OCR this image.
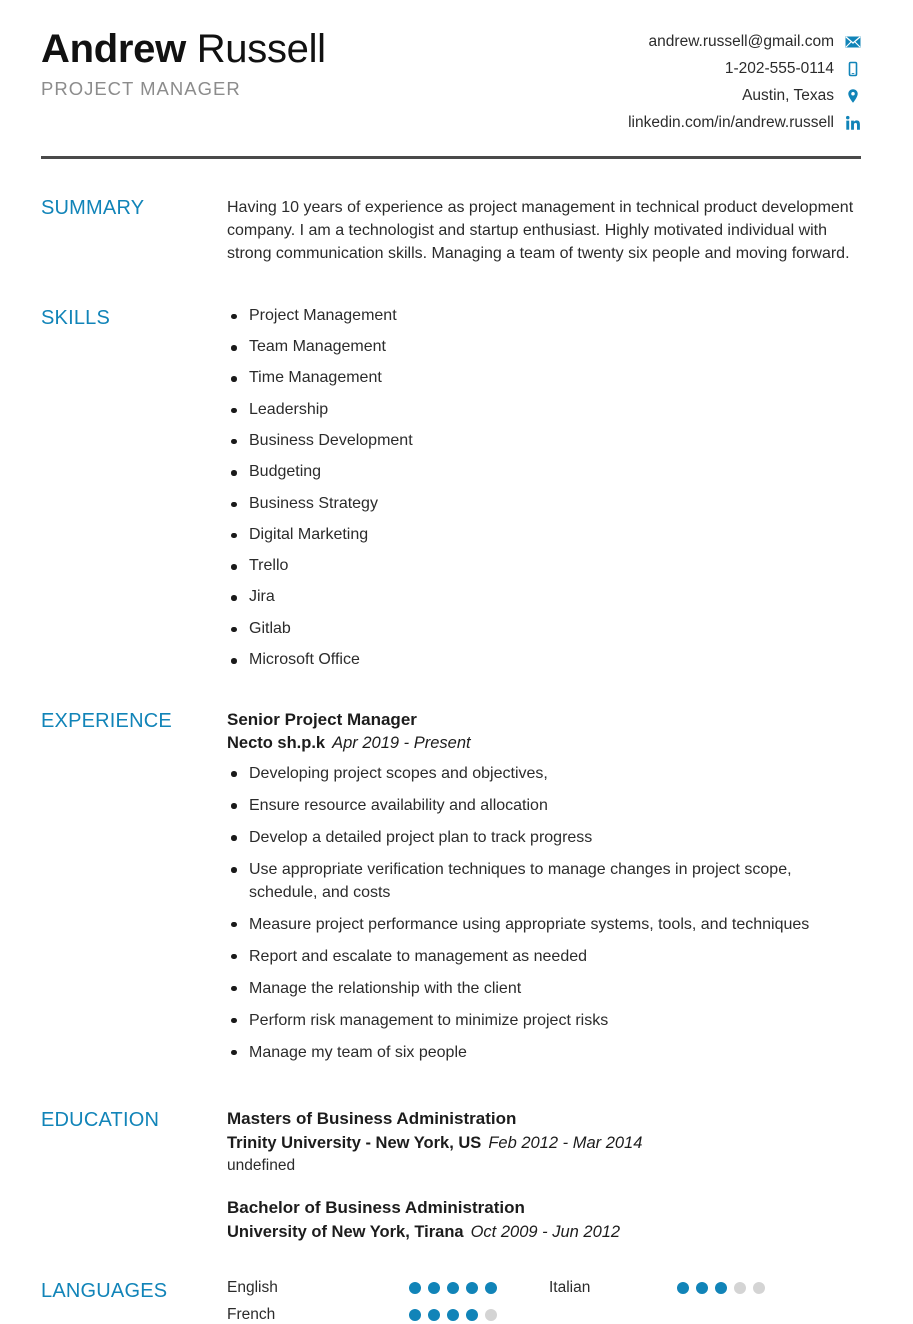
Andrew Russell
PROJECT MANAGER
andrew.russell@gmail.com
1-202-555-0114
Austin, Texas
linkedin.com/in/andrew.russell
SUMMARY	Having 10 years of experience as project management in technical product development company. I am a technologist and startup enthusiast. Highly motivated individual with strong communication skills. Managing a team of twenty six people and moving forward.
SKILLS	Project Management
Team Management
Time Management
Leadership
Business Development
Budgeting
Business Strategy
Digital Marketing
Trello
Jira
Gitlab
Microsoft Office
EXPERIENCE	Senior Project Manager
Necto sh.p.k Apr 2019 - Present
Developing project scopes and objectives,
Ensure resource availability and allocation
Develop a detailed project plan to track progress
Use appropriate verification techniques to manage changes in project scope, schedule, and costs
Measure project performance using appropriate systems, tools, and techniques
Report and escalate to management as needed
Manage the relationship with the client
Perform risk management to minimize project risks
Manage my team of six people
EDUCATION	Masters of Business Administration
Trinity University - New York, US Feb 2012 - Mar 2014
undefined
Bachelor of Business Administration
University of New York, Tirana Oct 2009 - Jun 2012
LANGUAGES	English	Italian
French
